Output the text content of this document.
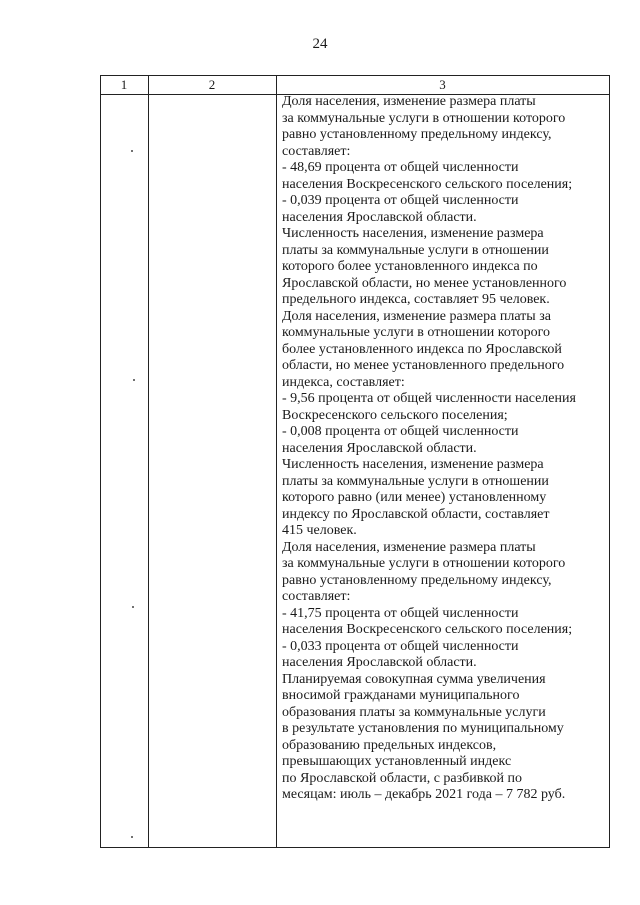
24
1	2	3

Доля населения, изменение размера платы
за коммунальные услуги в отношении которого
равно установленному предельному индексу,
составляет:

- 48,69 процента от общей численности
населения Воскресенского сельского поселения;

- 0,039 процента от общей численности
населения Ярославской области.

Численность населения, изменение размера
платы за коммунальные услуги в отношении
которого более установленного индекса по
Ярославской области, но менее установленного
предельного индекса, составляет 95 человек.

Доля населения, изменение размера платы за
коммунальные услуги в отношении которого
более установленного индекса по Ярославской
области, но менее установленного предельного
индекса, составляет:

- 9,56 процента от общей численности населения
Воскресенского сельского поселения;

- 0,008 процента от общей численности
населения Ярославской области.

Численность населения, изменение размера
платы за коммунальные услуги в отношении
которого равно (или менее) установленному
индексу по Ярославской области, составляет
415 человек.

Доля населения, изменение размера платы
за коммунальные услуги в отношении которого
равно установленному предельному индексу,
составляет:

- 41,75 процента от общей численности
населения Воскресенского сельского поселения;

- 0,033 процента от общей численности
населения Ярославской области.

Планируемая совокупная сумма увеличения
вносимой гражданами муниципального
образования платы за коммунальные услуги
в результате установления по муниципальному
образованию предельных индексов,
превышающих установленный индекс
по Ярославской области, с разбивкой по
месяцам: июль – декабрь 2021 года – 7 782 руб.
